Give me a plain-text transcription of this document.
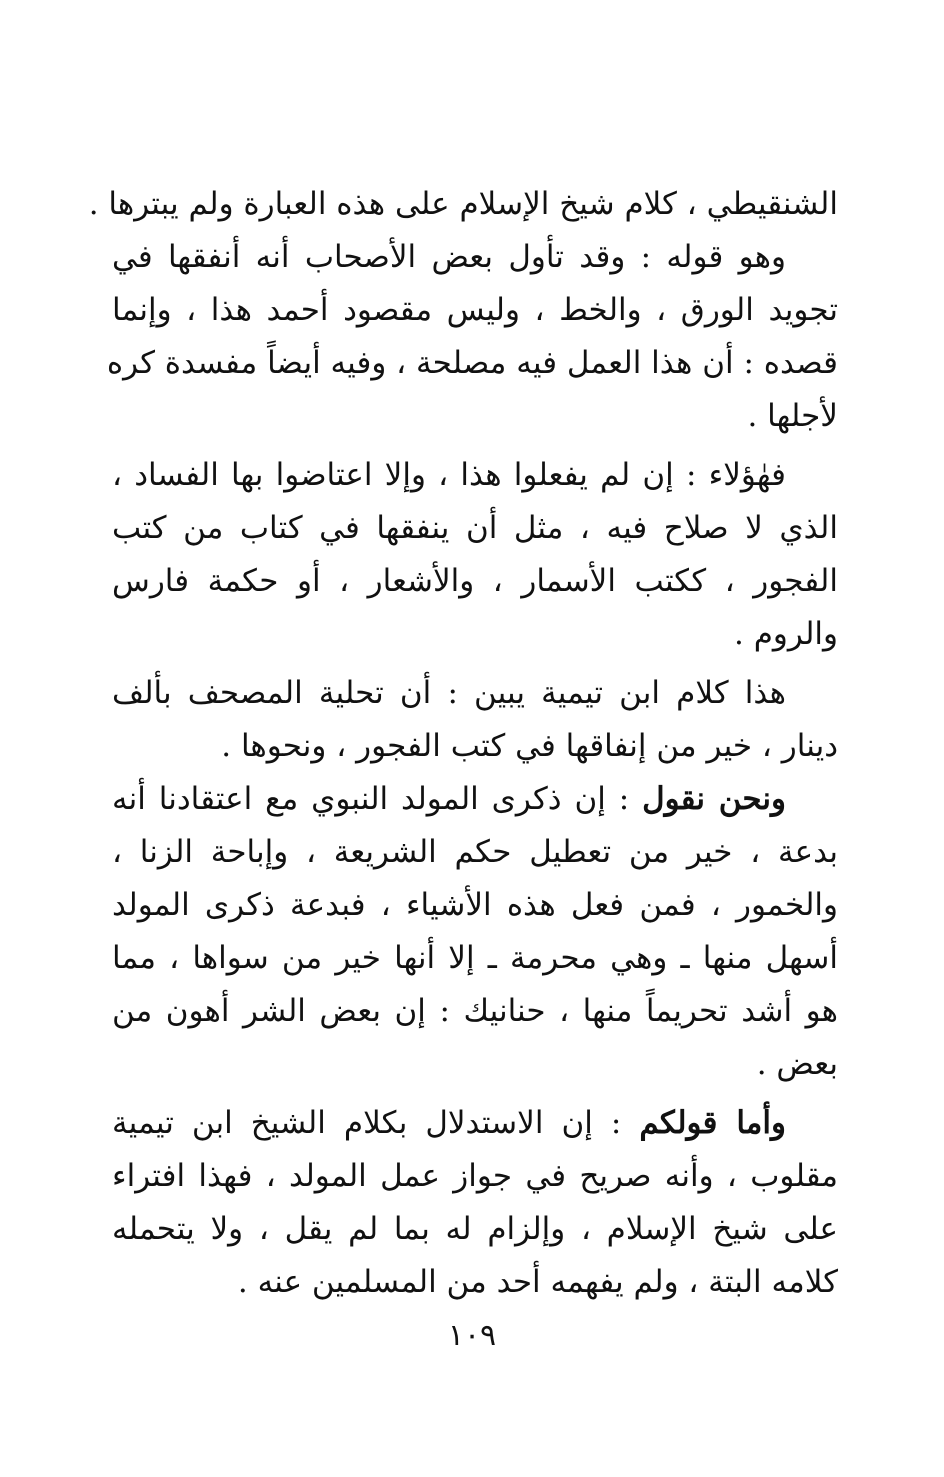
الشنقيطي ، كلام شيخ الإسلام على هذه العبارة ولم يبترها .
وهو قوله : وقد تأول بعض الأصحاب أنه أنفقها في
تجويد الورق ، والخط ، وليس مقصود أحمد هذا ، وإنما
قصده : أن هذا العمل فيه مصلحة ، وفيه أيضاً مفسدة كره
لأجلها .
فهٰؤلاء : إن لم يفعلوا هذا ، وإلا اعتاضوا بها الفساد ،
الذي لا صلاح فيه ، مثل أن ينفقها في كتاب من كتب
الفجور ، ككتب الأسمار ، والأشعار ، أو حكمة فارس
والروم .
هذا كلام ابن تيمية يبين : أن تحلية المصحف بألف
دينار ، خير من إنفاقها في كتب الفجور ، ونحوها .
ونحن نقول : إن ذكرى المولد النبوي مع اعتقادنا أنه
بدعة ، خير من تعطيل حكم الشريعة ، وإباحة الزنا ،
والخمور ، فمن فعل هذه الأشياء ، فبدعة ذكرى المولد
أسهل منها ـ وهي محرمة ـ إلا أنها خير من سواها ، مما
هو أشد تحريماً منها ، حنانيك : إن بعض الشر أهون من
بعض .
وأما قولكم : إن الاستدلال بكلام الشيخ ابن تيمية
مقلوب ، وأنه صريح في جواز عمل المولد ، فهذا افتراء
على شيخ الإسلام ، وإلزام له بما لم يقل ، ولا يتحمله
كلامه البتة ، ولم يفهمه أحد من المسلمين عنه .
١٠٩
